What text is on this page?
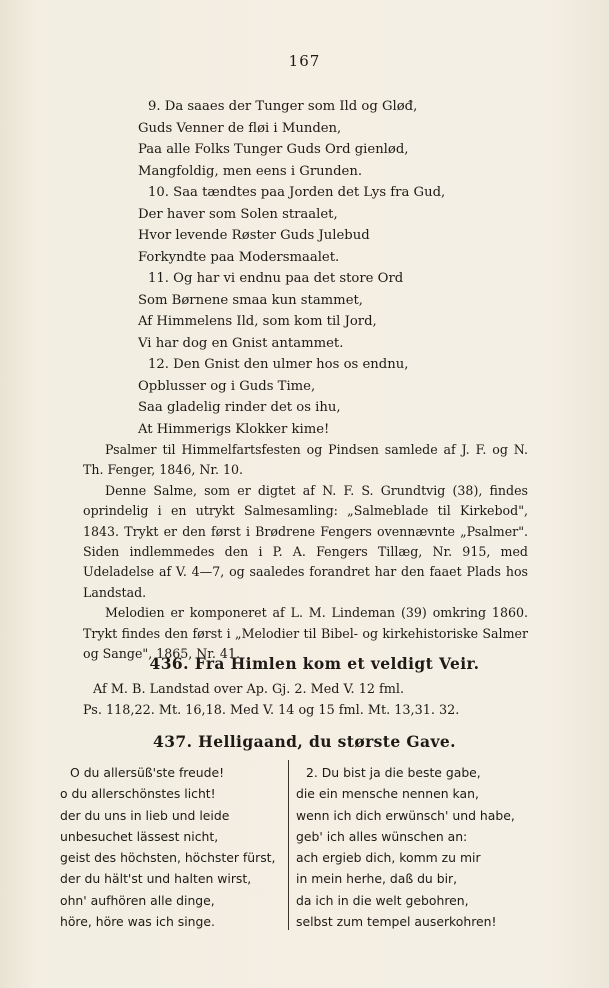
167
9. Da saaes der Tunger som Ild og Gløđ,
Guds Venner de fløi i Munden,
Paa alle Folks Tunger Guds Ord gienlød,
Mangfoldig, men eens i Grunden.
10. Saa tændtes paa Jorden det Lys fra Gud,
Der haver som Solen straalet,
Hvor levende Røster Guds Julebud
Forkyndte paa Modersmaalet.
11. Og har vi endnu paa det store Ord
Som Børnene smaa kun stammet,
Af Himmelens Ild, som kom til Jord,
Vi har dog en Gnist antammet.
12. Den Gnist den ulmer hos os endnu,
Opblusser og i Guds Time,
Saa gladelig rinder det os ihu,
At Himmerigs Klokker kime!

Psalmer til Himmelfartsfesten og Pindsen samlede af J. F. og N. Th. Fenger, 1846, Nr. 10.

Denne Salme, som er digtet af N. F. S. Grundtvig (38), findes oprindelig i en utrykt Salmesamling: „Salmeblade til Kirkebod", 1843. Trykt er den først i Brødrene Fengers ovennævnte „Psalmer". Siden indlemmedes den i P. A. Fengers Tillæg, Nr. 915, med Udeladelse af V. 4—7, og saaledes forandret har den faaet Plads hos Landstad.

Melodien er komponeret af L. M. Lindeman (39) omkring 1860. Trykt findes den først i „Melodier til Bibel- og kirkehistoriske Salmer og Sange", 1865, Nr. 41.

436. Fra Himlen kom et veldigt Veir.
Af M. B. Landstad over Ap. Gj. 2. Med V. 12 fml.
Ps. 118,22. Mt. 16,18. Med V. 14 og 15 fml. Mt. 13,31. 32.
437. Helligaand, du største Gave.
O du allersüß'ste freude!
o du allerschönstes licht!
der du uns in lieb und leide
unbesuchet lässest nicht,
geist des höchsten, höchster fürst,
der du hält'st und halten wirst,
ohn' aufhören alle dinge,
höre, höre was ich singe.
2. Du bist ja die beste gabe,
die ein mensche nennen kan,
wenn ich dich erwünsch' und habe,
geb' ich alles wünschen an:
ach ergieb dich, komm zu mir
in mein herhe, daß du bir,
da ich in die welt gebohren,
selbst zum tempel auserkohren!
